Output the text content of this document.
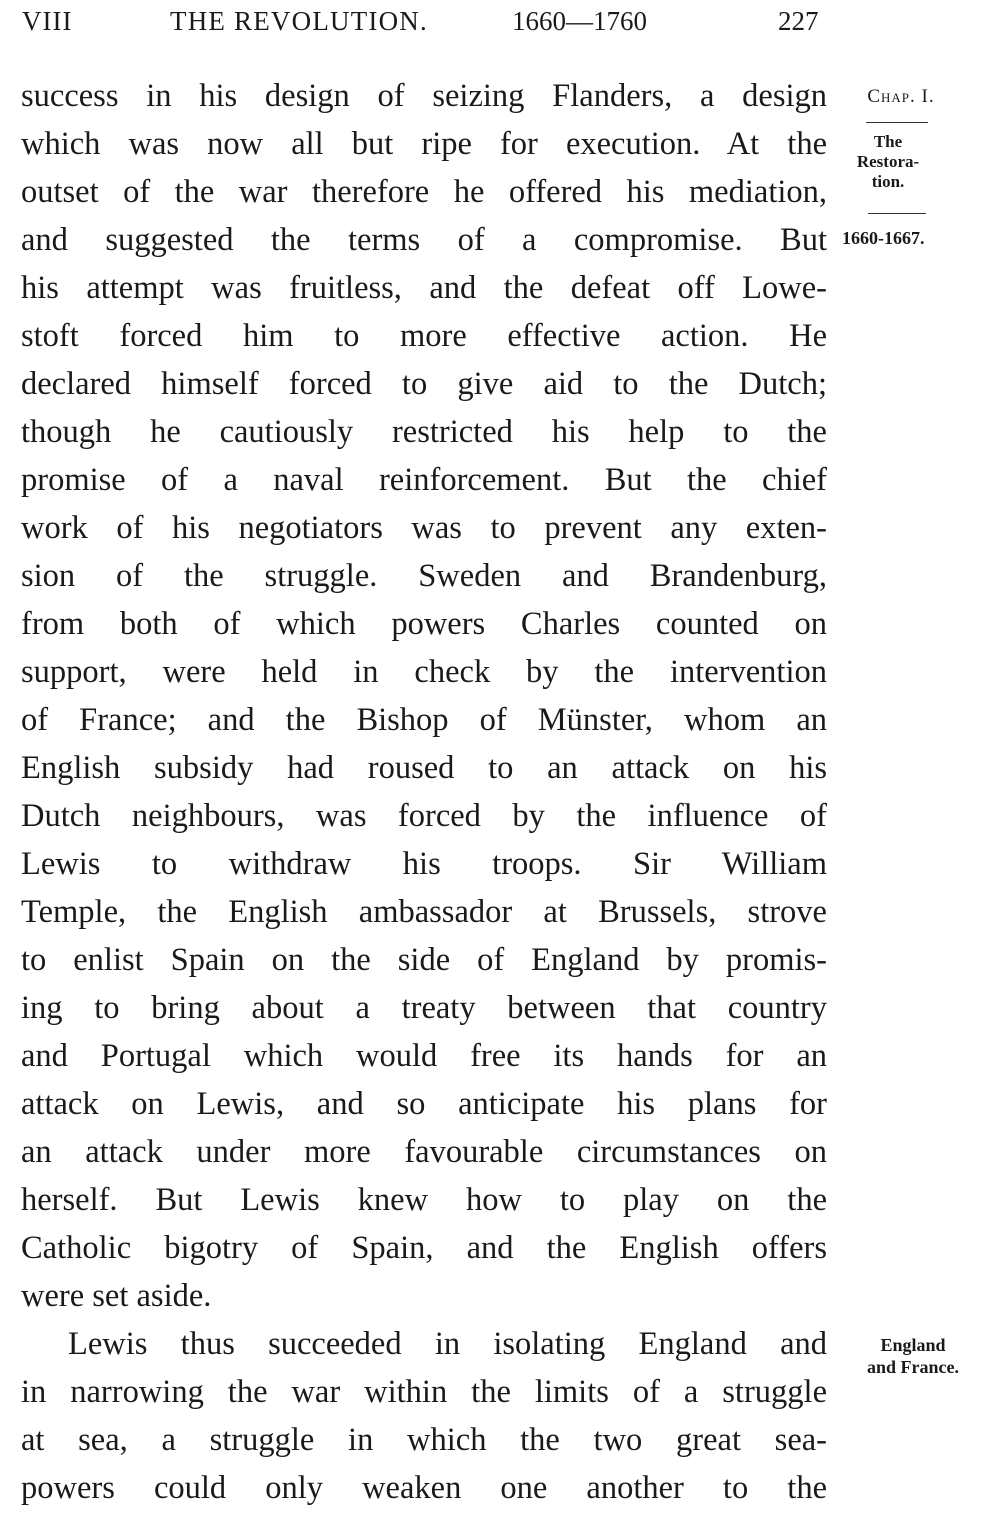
VIII	THE REVOLUTION.	1660—1760	227
success in his design of seizing Flanders, a design
which was now all but ripe for execution. At the
outset of the war therefore he offered his mediation,
and suggested the terms of a compromise. But
his attempt was fruitless, and the defeat off Lowe-
stoft forced him to more effective action. He
declared himself forced to give aid to the Dutch;
though he cautiously restricted his help to the
promise of a naval reinforcement. But the chief
work of his negotiators was to prevent any exten-
sion of the struggle. Sweden and Brandenburg,
from both of which powers Charles counted on
support, were held in check by the intervention
of France; and the Bishop of Münster, whom an
English subsidy had roused to an attack on his
Dutch neighbours, was forced by the influence of
Lewis to withdraw his troops. Sir William
Temple, the English ambassador at Brussels, strove
to enlist Spain on the side of England by promis-
ing to bring about a treaty between that country
and Portugal which would free its hands for an
attack on Lewis, and so anticipate his plans for
an attack under more favourable circumstances on
herself. But Lewis knew how to play on the
Catholic bigotry of Spain, and the English offers
were set aside.
Lewis thus succeeded in isolating England and
in narrowing the war within the limits of a struggle
at sea, a struggle in which the two great sea-
powers could only weaken one another to the
Chap. I.
The
Restora-
tion.
1660-1667.
England
and France.
